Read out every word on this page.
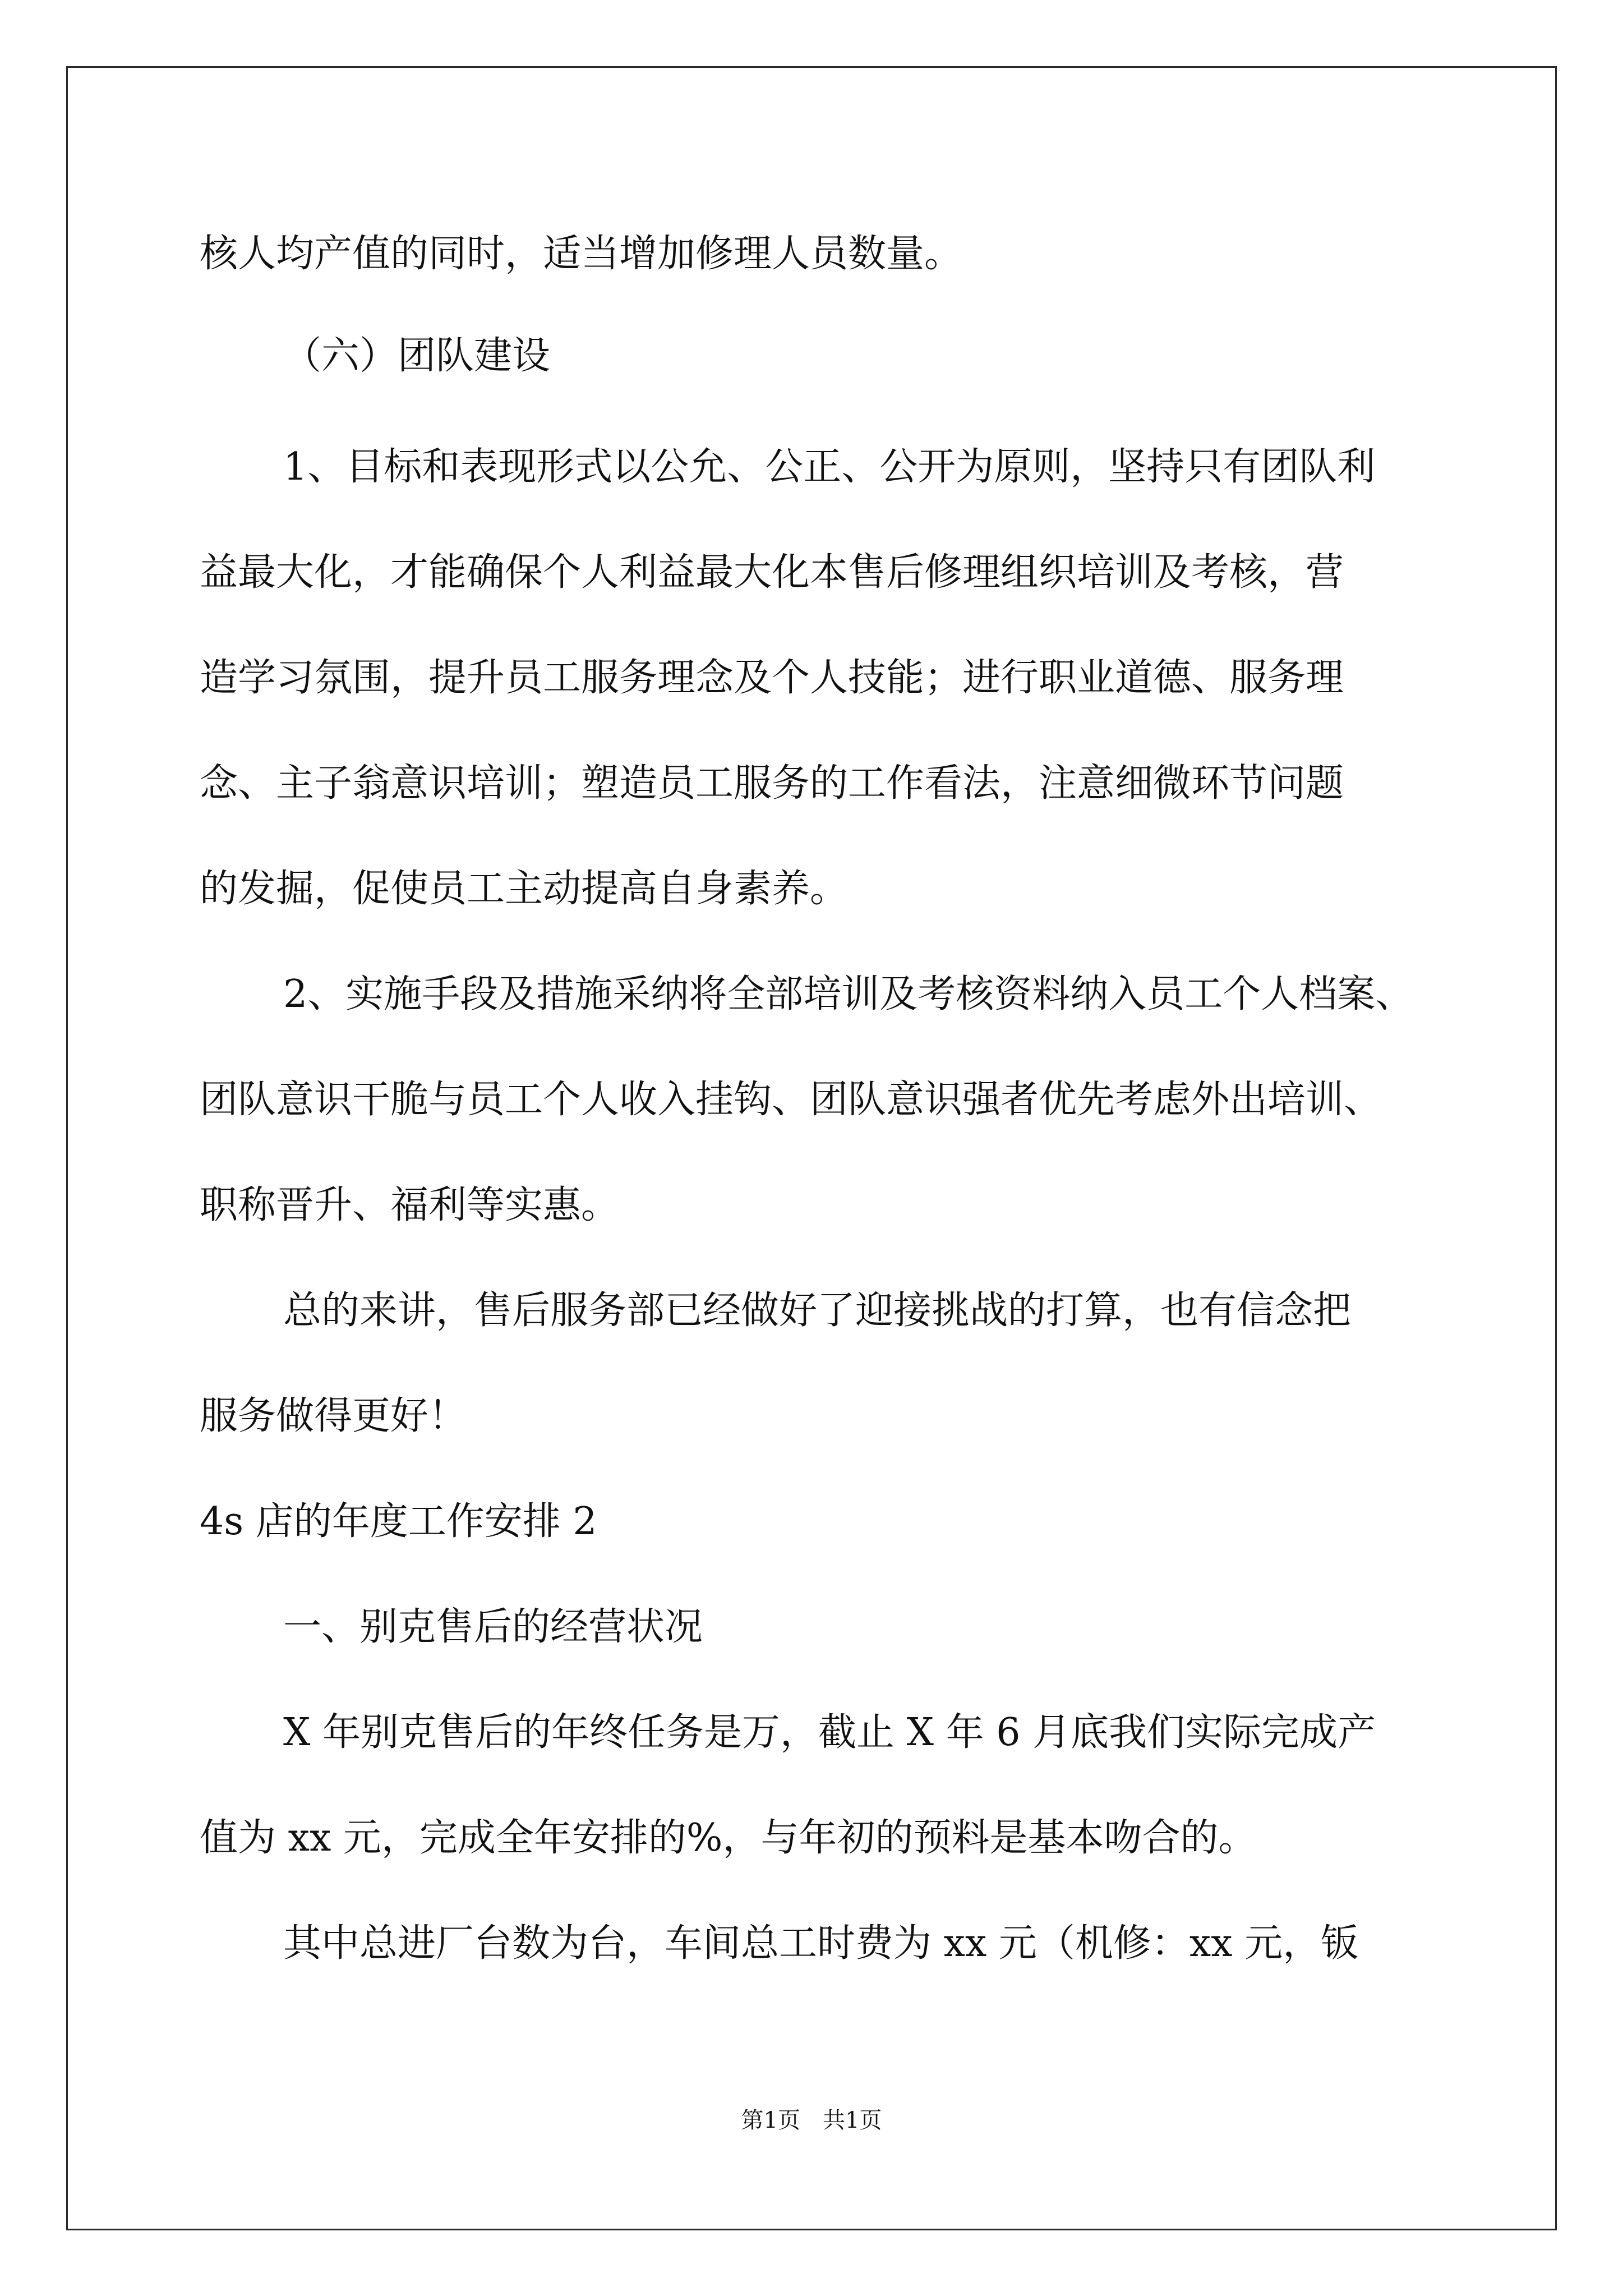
核人均产值的同时，适当增加修理人员数量。
（六）团队建设
1、目标和表现形式以公允、公正、公开为原则，坚持只有团队利
益最大化，才能确保个人利益最大化本售后修理组织培训及考核，营
造学习氛围，提升员工服务理念及个人技能；进行职业道德、服务理
念、主子翁意识培训；塑造员工服务的工作看法，注意细微环节问题
的发掘，促使员工主动提高自身素养。
2、实施手段及措施采纳将全部培训及考核资料纳入员工个人档案、
团队意识干脆与员工个人收入挂钩、团队意识强者优先考虑外出培训、
职称晋升、福利等实惠。
总的来讲，售后服务部已经做好了迎接挑战的打算，也有信念把
服务做得更好！
4s 店的年度工作安排 2
一、别克售后的经营状况
X 年别克售后的年终任务是万，截止 X 年 6 月底我们实际完成产
值为 xx 元，完成全年安排的%，与年初的预料是基本吻合的。
其中总进厂台数为台，车间总工时费为 xx 元（机修：xx 元，钣
第1页　共1页
